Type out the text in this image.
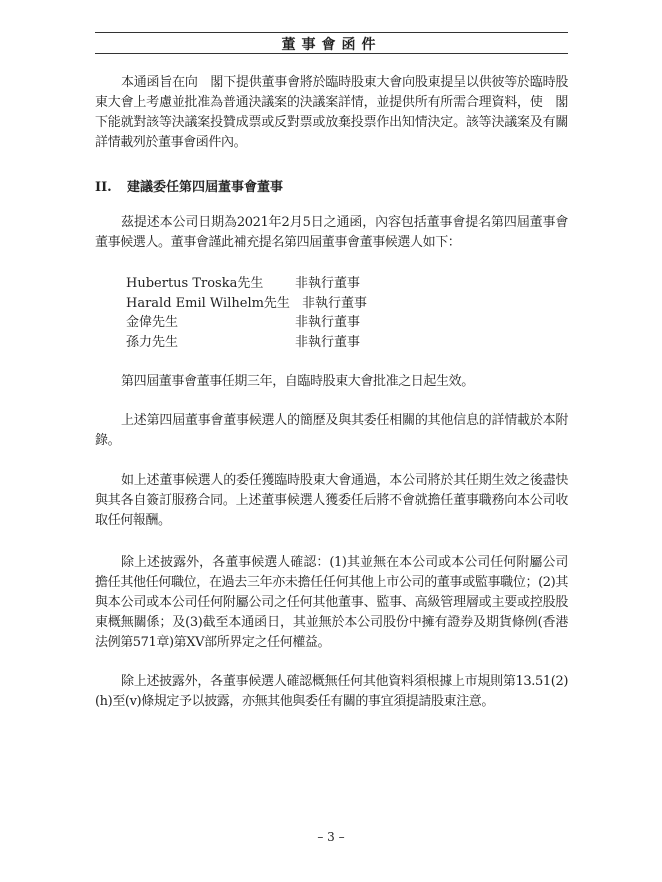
董事會函件
本通函旨在向　閣下提供董事會將於臨時股東大會向股東提呈以供彼等於臨時股
東大會上考慮並批准為普通決議案的決議案詳情，並提供所有所需合理資料，使　閣
下能就對該等決議案投贊成票或反對票或放棄投票作出知情決定。該等決議案及有關
詳情載列於董事會函件內。
II. 建議委任第四屆董事會董事
茲提述本公司日期為2021年2月5日之通函，內容包括董事會提名第四屆董事會
董事候選人。董事會謹此補充提名第四屆董事會董事候選人如下：
Hubertus Troska先生	非執行董事
Harald Emil Wilhelm先生 非執行董事
金偉先生	非執行董事
孫力先生	非執行董事
第四屆董事會董事任期三年，自臨時股東大會批准之日起生效。
上述第四屆董事會董事候選人的簡歷及與其委任相關的其他信息的詳情載於本附
錄。
如上述董事候選人的委任獲臨時股東大會通過，本公司將於其任期生效之後盡快
與其各自簽訂服務合同。上述董事候選人獲委任后將不會就擔任董事職務向本公司收
取任何報酬。
除上述披露外，各董事候選人確認：(1)其並無在本公司或本公司任何附屬公司
擔任其他任何職位，在過去三年亦未擔任任何其他上市公司的董事或監事職位；(2)其
與本公司或本公司任何附屬公司之任何其他董事、監事、高級管理層或主要或控股股
東概無關係；及(3)截至本通函日，其並無於本公司股份中擁有證券及期貨條例(香港
法例第571章)第XV部所界定之任何權益。
除上述披露外，各董事候選人確認概無任何其他資料須根據上市規則第13.51(2)
(h)至(v)條規定予以披露，亦無其他與委任有關的事宜須提請股東注意。
– 3 –
